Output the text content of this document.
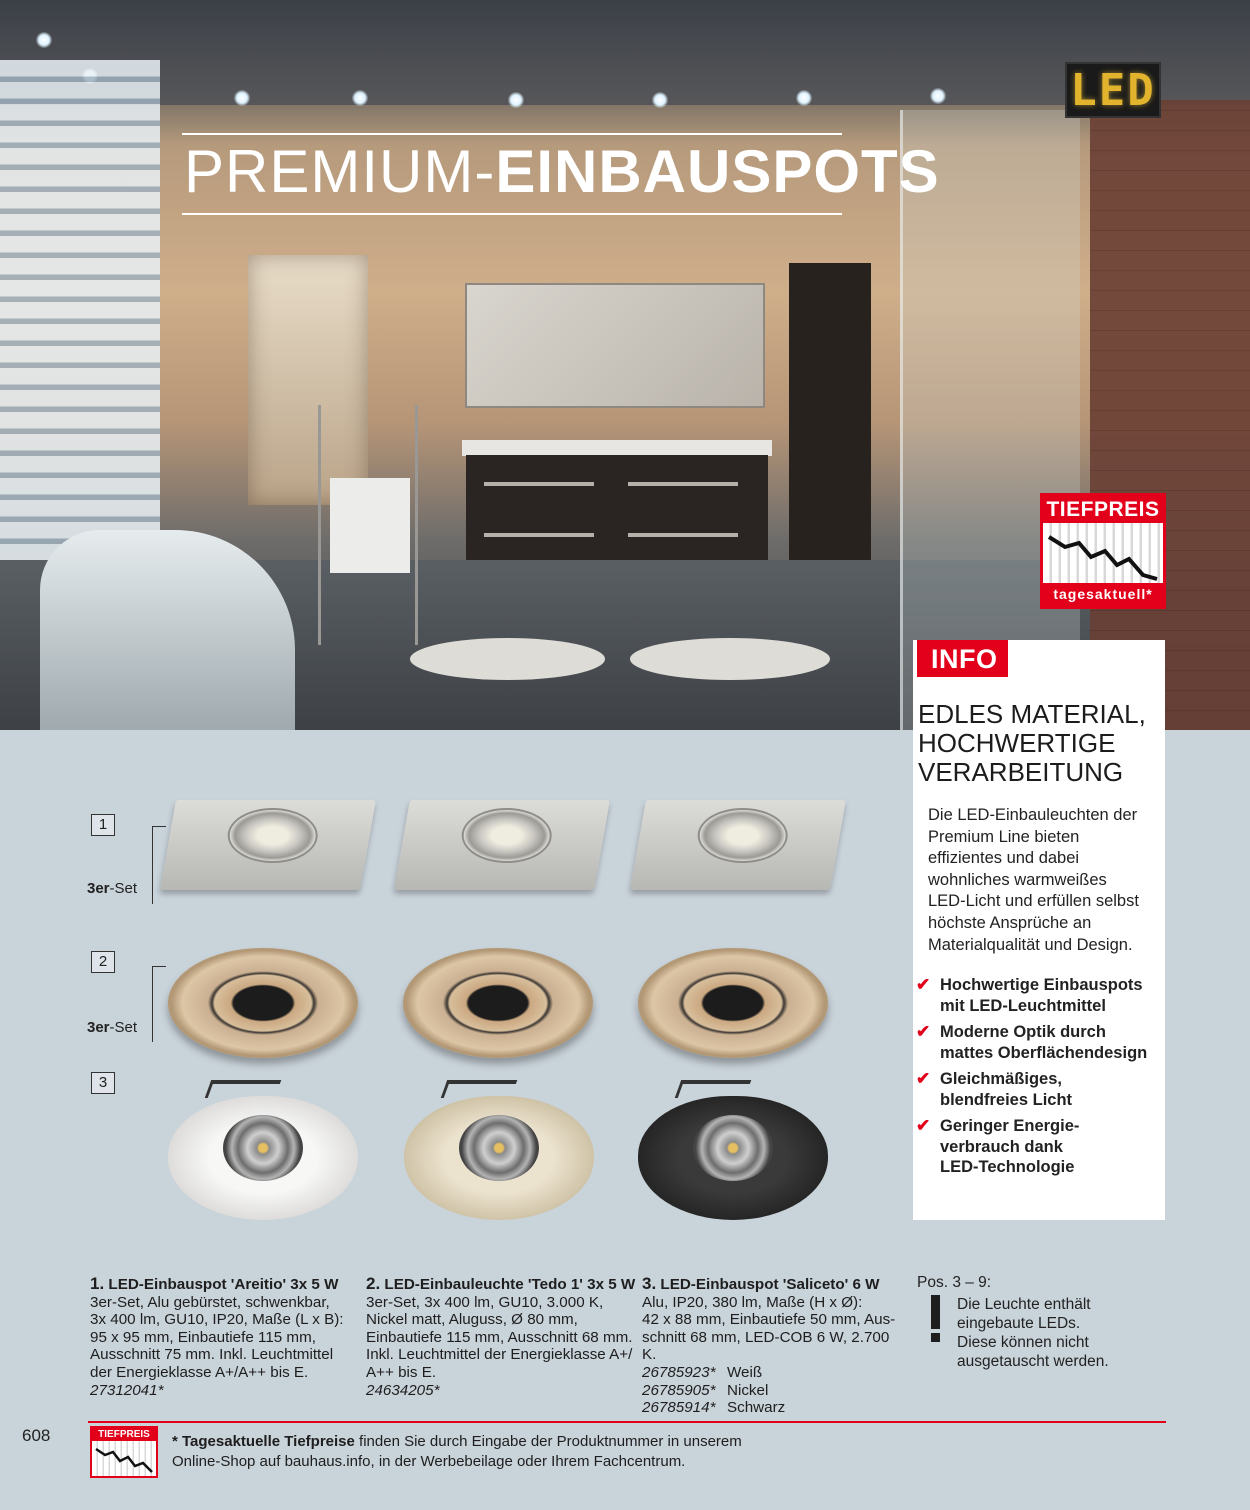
LED
PREMIUM-EINBAUSPOTS
TIEFPREIS
tagesaktuell*
INFO
EDLES MATERIAL,
HOCHWERTIGE
VERARBEITUNG
Die LED-Einbauleuchten der
Premium Line bieten
effizientes und dabei
wohnliches warmweißes
LED-Licht und erfüllen selbst
höchste Ansprüche an
Materialqualität und Design.
✔ Hochwertige Einbauspots
mit LED-Leuchtmittel
✔ Moderne Optik durch
mattes Oberflächendesign
✔ Gleichmäßiges,
blendfreies Licht
✔ Geringer Energie-
verbrauch dank
LED-Technologie
1
3er-Set
2
3er-Set
3
1. LED-Einbauspot 'Areitio' 3x 5 W
3er-Set, Alu gebürstet, schwenkbar,
3x 400 lm, GU10, IP20, Maße (L x B):
95 x 95 mm, Einbautiefe 115 mm,
Ausschnitt 75 mm. Inkl. Leuchtmittel
der Energieklasse A+/A++ bis E.
27312041*
2. LED-Einbauleuchte 'Tedo 1' 3x 5 W
3er-Set, 3x 400 lm, GU10, 3.000 K,
Nickel matt, Aluguss, Ø 80 mm,
Einbautiefe 115 mm, Ausschnitt 68 mm.
Inkl. Leuchtmittel der Energieklasse A+/
A++ bis E.
24634205*
3. LED-Einbauspot 'Saliceto' 6 W
Alu, IP20, 380 lm, Maße (H x Ø):
42 x 88 mm, Einbautiefe 50 mm, Aus-
schnitt 68 mm, LED-COB 6 W, 2.700 K.
26785923* Weiß
26785905* Nickel
26785914* Schwarz
Pos. 3 – 9:
Die Leuchte enthält
eingebaute LEDs.
Diese können nicht
ausgetauscht werden.
608	TIEFPREIS	* Tagesaktuelle Tiefpreise finden Sie durch Eingabe der Produktnummer in unserem
Online-Shop auf bauhaus.info, in der Werbebeilage oder Ihrem Fachcentrum.
